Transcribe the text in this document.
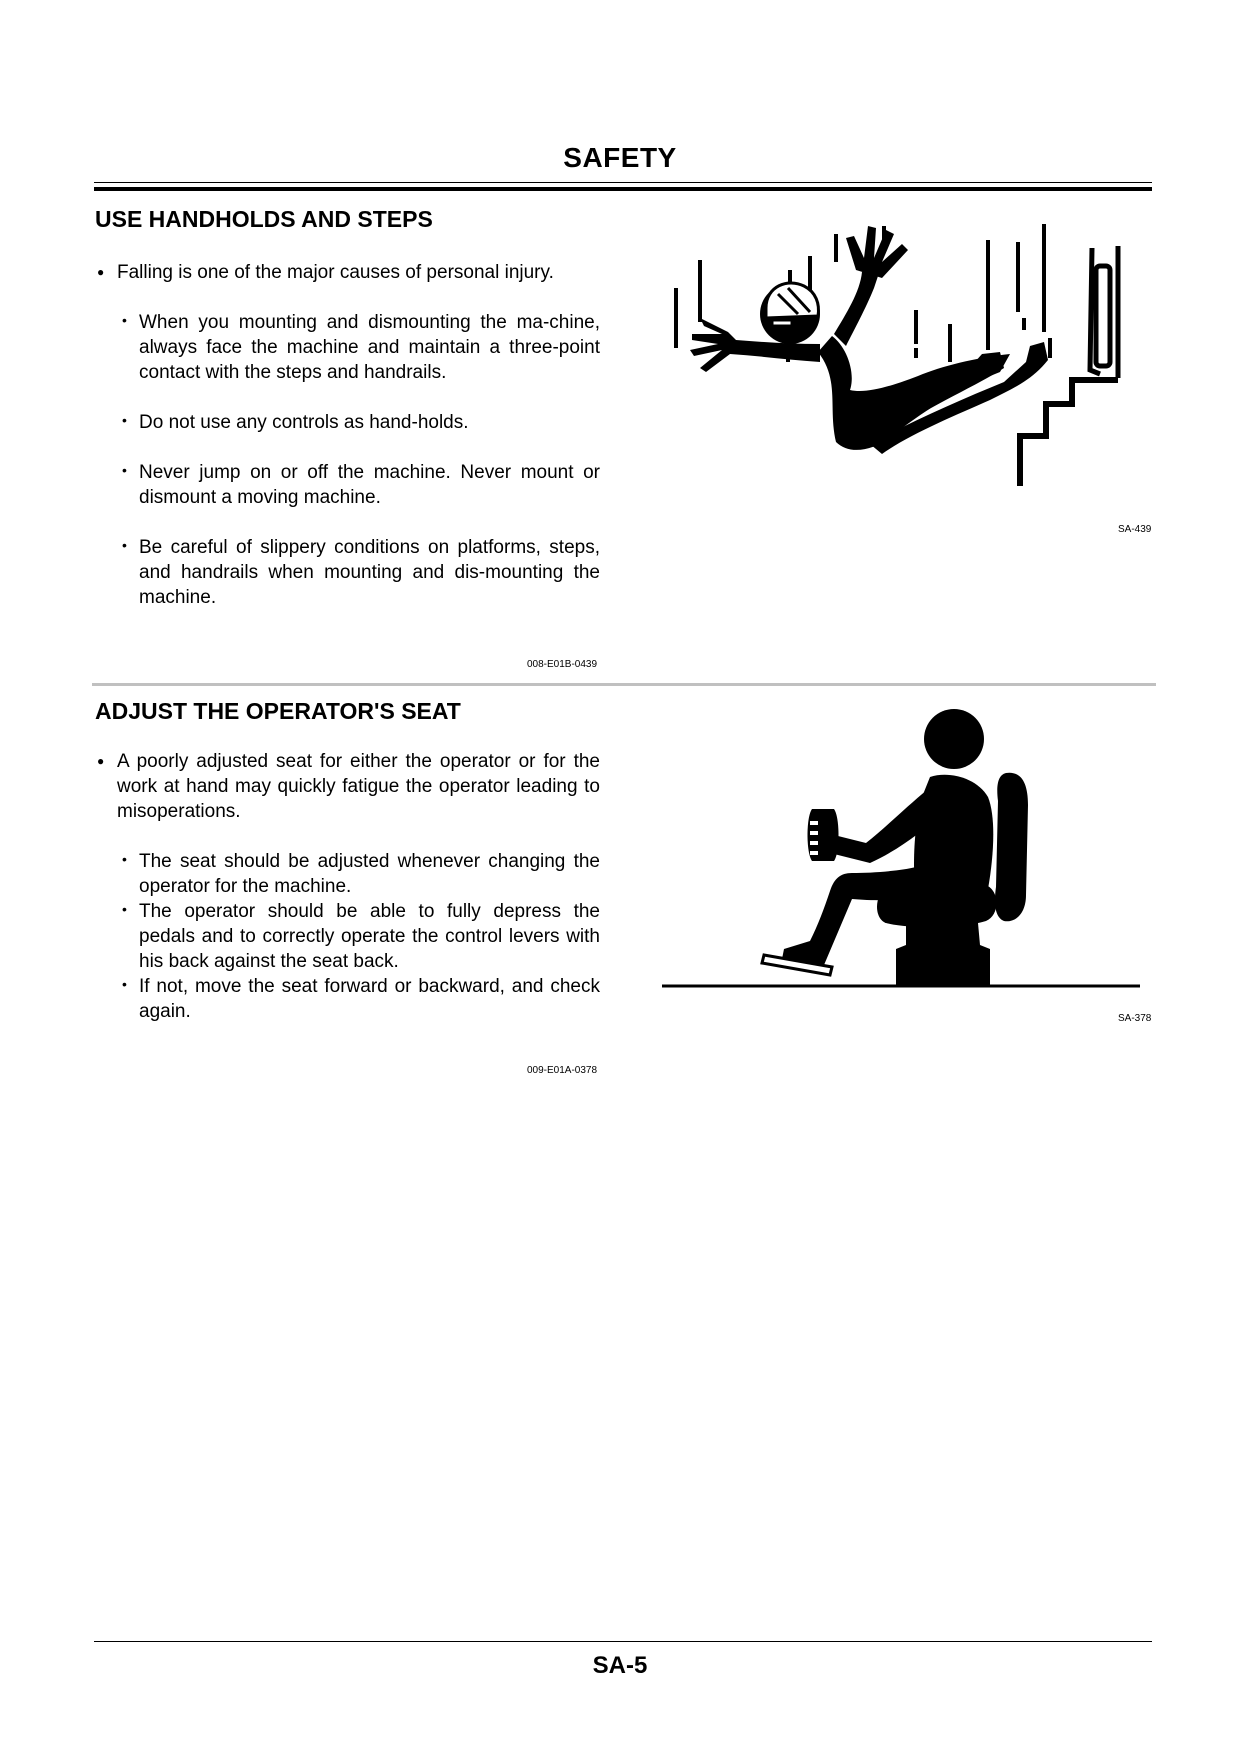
SAFETY
USE HANDHOLDS AND STEPS

● Falling is one of the major causes of personal injury.

• When you mounting and dismounting the ma-chine, always face the machine and maintain a three-point contact with the steps and handrails.

• Do not use any controls as hand-holds.

• Never jump on or off the machine. Never mount or dismount a moving machine.

• Be careful of slippery conditions on platforms, steps, and handrails when mounting and dis-mounting the machine.

008-E01B-0439
SA-439
ADJUST THE OPERATOR'S SEAT

● A poorly adjusted seat for either the operator or for the work at hand may quickly fatigue the operator leading to misoperations.

• The seat should be adjusted whenever changing the operator for the machine.

• The operator should be able to fully depress the pedals and to correctly operate the control levers with his back against the seat back.

• If not, move the seat forward or backward, and check again.

009-E01A-0378
SA-378
SA-5
